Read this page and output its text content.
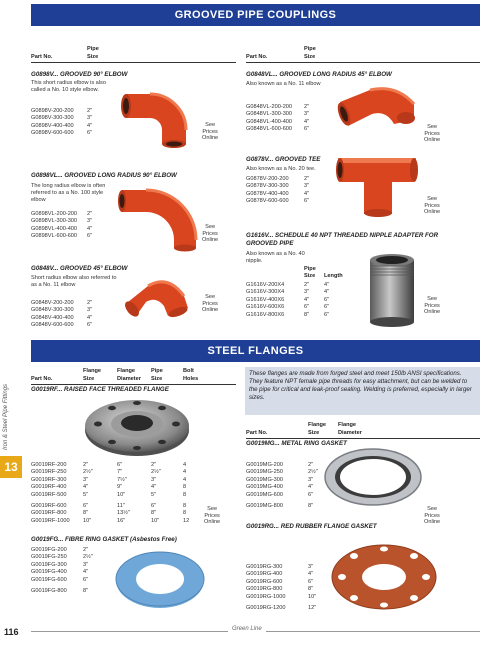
GROOVED PIPE COUPLINGS
Part No.
Pipe
Size	Part No.
Pipe
Size
G0898V... GROOVED 90° ELBOW
This short radius elbow is also called a No. 10 style elbow.
G0898V-200-200 2"
G0898V-300-300 3"
G0898V-400-400 4"
G0898V-600-600 6"
See
Prices
Online
G0898VL... GROOVED LONG RADIUS 90° ELBOW
The long radius elbow is often referred to as a No. 100 style elbow
G0898VL-200-200 2"
G0898VL-300-300 3"
G0898VL-400-400 4"
G0898VL-600-600 6"
See
Prices
Online
G0848V... GROOVED 45° ELBOW
Short radius elbow also referred to as a No. 11 elbow
G0848V-200-200 2"
G0848V-300-300 3"
G0848V-400-400 4"
G0848V-600-600 6"
See
Prices
Online
G0848VL... GROOVED LONG RADIUS 45° ELBOW
Also known as a No. 11 elbow
G0848VL-200-200 2"
G0848VL-300-300 3"
G0848VL-400-400 4"
G0848VL-600-600 6"	See
Prices
Online
G0878V... GROOVED TEE
Also known as a No. 20 tee.
G0878V-200-200	2"
G0878V-300-300	3"
G0878V-400-400	4"
G0878V-600-600	6"	See
Prices
Online
G1616V... SCHEDULE 40 NPT THREADED NIPPLE ADAPTER FOR GROOVED PIPE
Also known as a No. 40 nipple.
Pipe
Size Length
G1616V-200X4	2"	4"
G1616V-300X4	3"	4"
G1616V-400X6	4"	6"
G1616V-600X6	6"	6"
G1616V-800X6	8"	6"
See
Prices
Online
STEEL FLANGES
Iron & Steel Pipe Fittings
13
Part No.
Flange
Size
Flange
Diameter
Pipe
Size
Bolt
Holes
These flanges are made from forged steel and meet 150lb ANSI specifications. They feature NPT female pipe threads for easy attachment, but can be welded to the pipe for critical and leak-proof sealing. Welding is preferred, especially in larger sizes.
G0019RF... RAISED FACE THREADED FLANGE
G0019RF-200	2"	6"	2"	4
G0019RF-250	2½"	7"	2½"	4
G0019RF-300	3"	7½"	3"	4
G0019RF-400	4"	9"	4"	8
G0019RF-500	5"	10"	5"	8
G0019RF-600	6"	11"	6"	8
G0019RF-800	8"	13½"	8"	8
G0019RF-1000 10"	16"	10"	12
See
Prices
Online
G0019FG... FIBRE RING GASKET (Asbestos Free)
G0019FG-200	2"
G0019FG-250	2½"
G0019FG-300	3"
G0019FG-400	4"
G0019FG-600	6"
G0019FG-800	8"
Part No.
Flange
Size
Flange
Diameter
G0019MG... METAL RING GASKET
G0019MG-200	2"
G0019MG-250	2½"
G0019MG-300	3"
G0019MG-400	4"
G0019MG-600	6"
G0019MG-800	8"
See
Prices
Online
G0019RG... RED RUBBER FLANGE GASKET
G0019RG-300	3"
G0019RG-400	4"
G0019RG-600	6"
G0019RG-800	8"
G0019RG-1000	10"
G0019RG-1200	12"
116	Green Line
